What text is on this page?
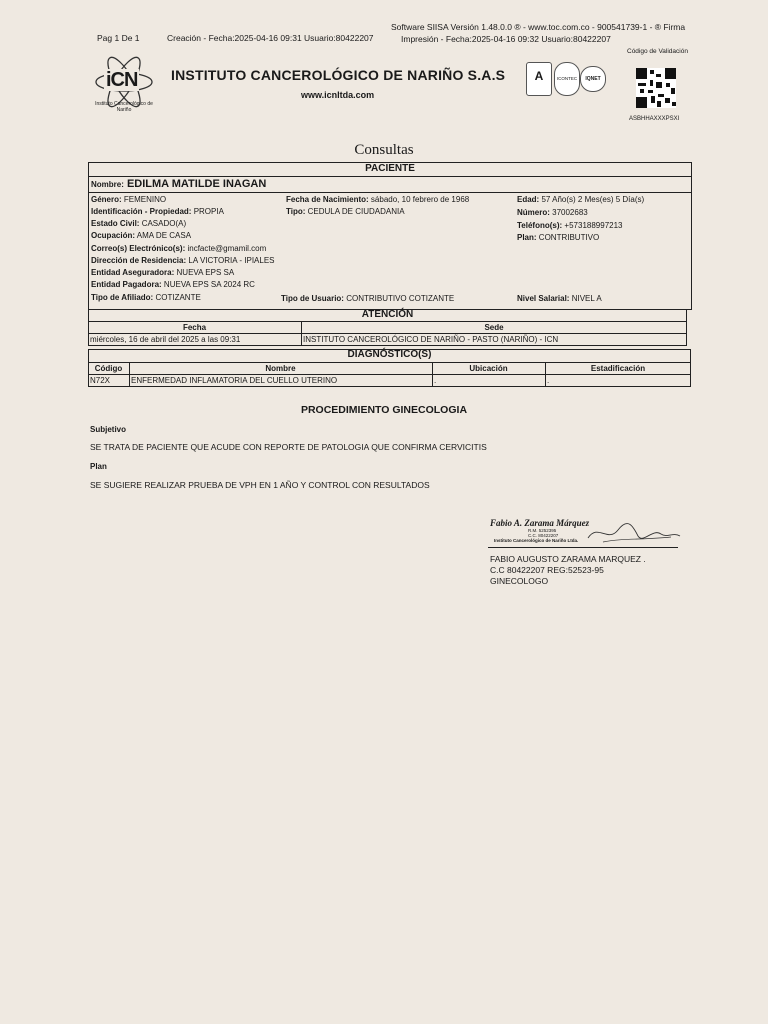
Pag 1 De 1	Creación - Fecha:2025-04-16 09:31 Usuario:80422207
Software SIISA Versión 1.48.0.0 ® - www.toc.com.co - 900541739-1 - ® Firma
Impresión - Fecha:2025-04-16 09:32 Usuario:80422207
Código de Validación
iCN
Instituto Cancerológico de Nariño
INSTITUTO CANCEROLÓGICO DE NARIÑO S.A.S
www.icnltda.com
A	ICONTEC	IQNET
ASBHHAXXXPSXI
Consultas
PACIENTE
Nombre: EDILMA MATILDE INAGAN
Género: FEMENINO
Identificación - Propiedad: PROPIA
Estado Civil: CASADO(A)
Ocupación: AMA DE CASA
Correo(s) Electrónico(s): incfacte@gmamil.com
Dirección de Residencia: LA VICTORIA - IPIALES
Entidad Aseguradora: NUEVA EPS SA
Entidad Pagadora: NUEVA EPS SA 2024 RC
Tipo de Afiliado: COTIZANTE
Fecha de Nacimiento: sábado, 10 febrero de 1968
Tipo: CEDULA DE CIUDADANIA
Tipo de Usuario: CONTRIBUTIVO COTIZANTE
Edad: 57 Año(s) 2 Mes(es) 5 Día(s)
Número: 37002683
Teléfono(s): +573188997213
Plan: CONTRIBUTIVO
Nivel Salarial: NIVEL A
ATENCIÓN
Fecha	Sede
miércoles, 16 de abril del 2025 a las 09:31	INSTITUTO CANCEROLÓGICO DE NARIÑO - PASTO (NARIÑO) - ICN
DIAGNÓSTICO(S)
Código	Nombre	Ubicación	Estadificación
N72X	ENFERMEDAD INFLAMATORIA DEL CUELLO UTERINO	.	.
PROCEDIMIENTO GINECOLOGIA
Subjetivo
SE TRATA DE PACIENTE QUE ACUDE CON REPORTE DE PATOLOGIA QUE CONFIRMA CERVICITIS
Plan
SE SUGIERE REALIZAR PRUEBA DE VPH EN 1 AÑO Y CONTROL CON RESULTADOS
Fabio A. Zarama Márquez
R.M. 5252395
C.C. 80422207
Instituto Cancerológico de Nariño Ltda.
FABIO AUGUSTO ZARAMA MARQUEZ .
C.C 80422207 REG:52523-95
GINECOLOGO
